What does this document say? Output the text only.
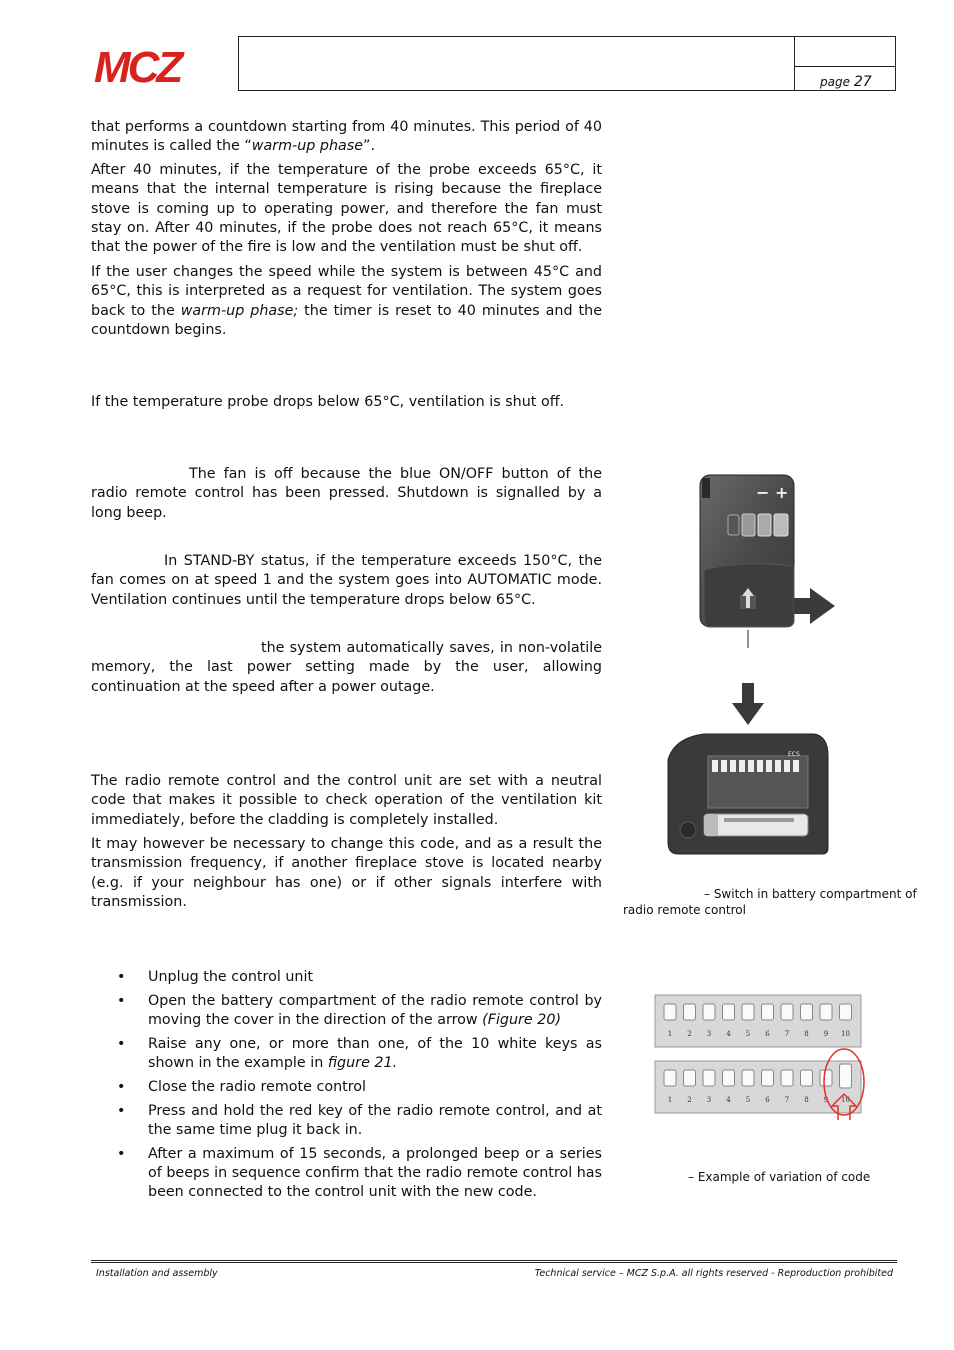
MCZ	page 27

that performs a countdown starting from 40 minutes. This period of 40 minutes is called the “warm-up phase”.

After 40 minutes, if the temperature of the probe exceeds 65°C, it means that the internal temperature is rising because the fireplace stove is coming up to operating power, and therefore the fan must stay on. After 40 minutes, if the probe does not reach 65°C, it means that the power of the fire is low and the ventilation must be shut off.

If the user changes the speed while the system is between 45°C and 65°C, this is interpreted as a request for ventilation. The system goes back to the warm-up phase; the timer is reset to 40 minutes and the countdown begins.

If the temperature probe drops below 65°C, ventilation is shut off.

The fan is off because the blue ON/OFF button of the radio remote control has been pressed. Shutdown is signalled by a long beep.

In STAND-BY status, if the temperature exceeds 150°C, the fan comes on at speed 1 and the system goes into AUTOMATIC mode. Ventilation continues until the temperature drops below 65°C.

the system automatically saves, in non-volatile memory, the last power setting made by the user, allowing continuation at the speed after a power outage.

The radio remote control and the control unit are set with a neutral code that makes it possible to check operation of the ventilation kit immediately, before the cladding is completely installed.

It may however be necessary to change this code, and as a result the transmission frequency, if another fireplace stove is located nearby (e.g. if your neighbour has one) or if other signals interfere with transmission.

• Unplug the control unit
• Open the battery compartment of the radio remote control by moving the cover in the direction of the arrow (Figure 20)
• Raise any one, or more than one, of the 10 white keys as shown in the example in figure 21.
• Close the radio remote control
• Press and hold the red key of the radio remote control, and at the same time plug it back in.
• After a maximum of 15 seconds, a prolonged beep or a series of beeps in sequence confirm that the radio remote control has been connected to the control unit with the new code.
− +
ECS
– Switch in battery compartment of
radio remote control
1 2 3 4 5 6 7 8 9 10
1 2 3 4 5 6 7 8 9 10
– Example of variation of code
Installation and assembly	Technical service – MCZ S.p.A. all rights reserved - Reproduction prohibited
